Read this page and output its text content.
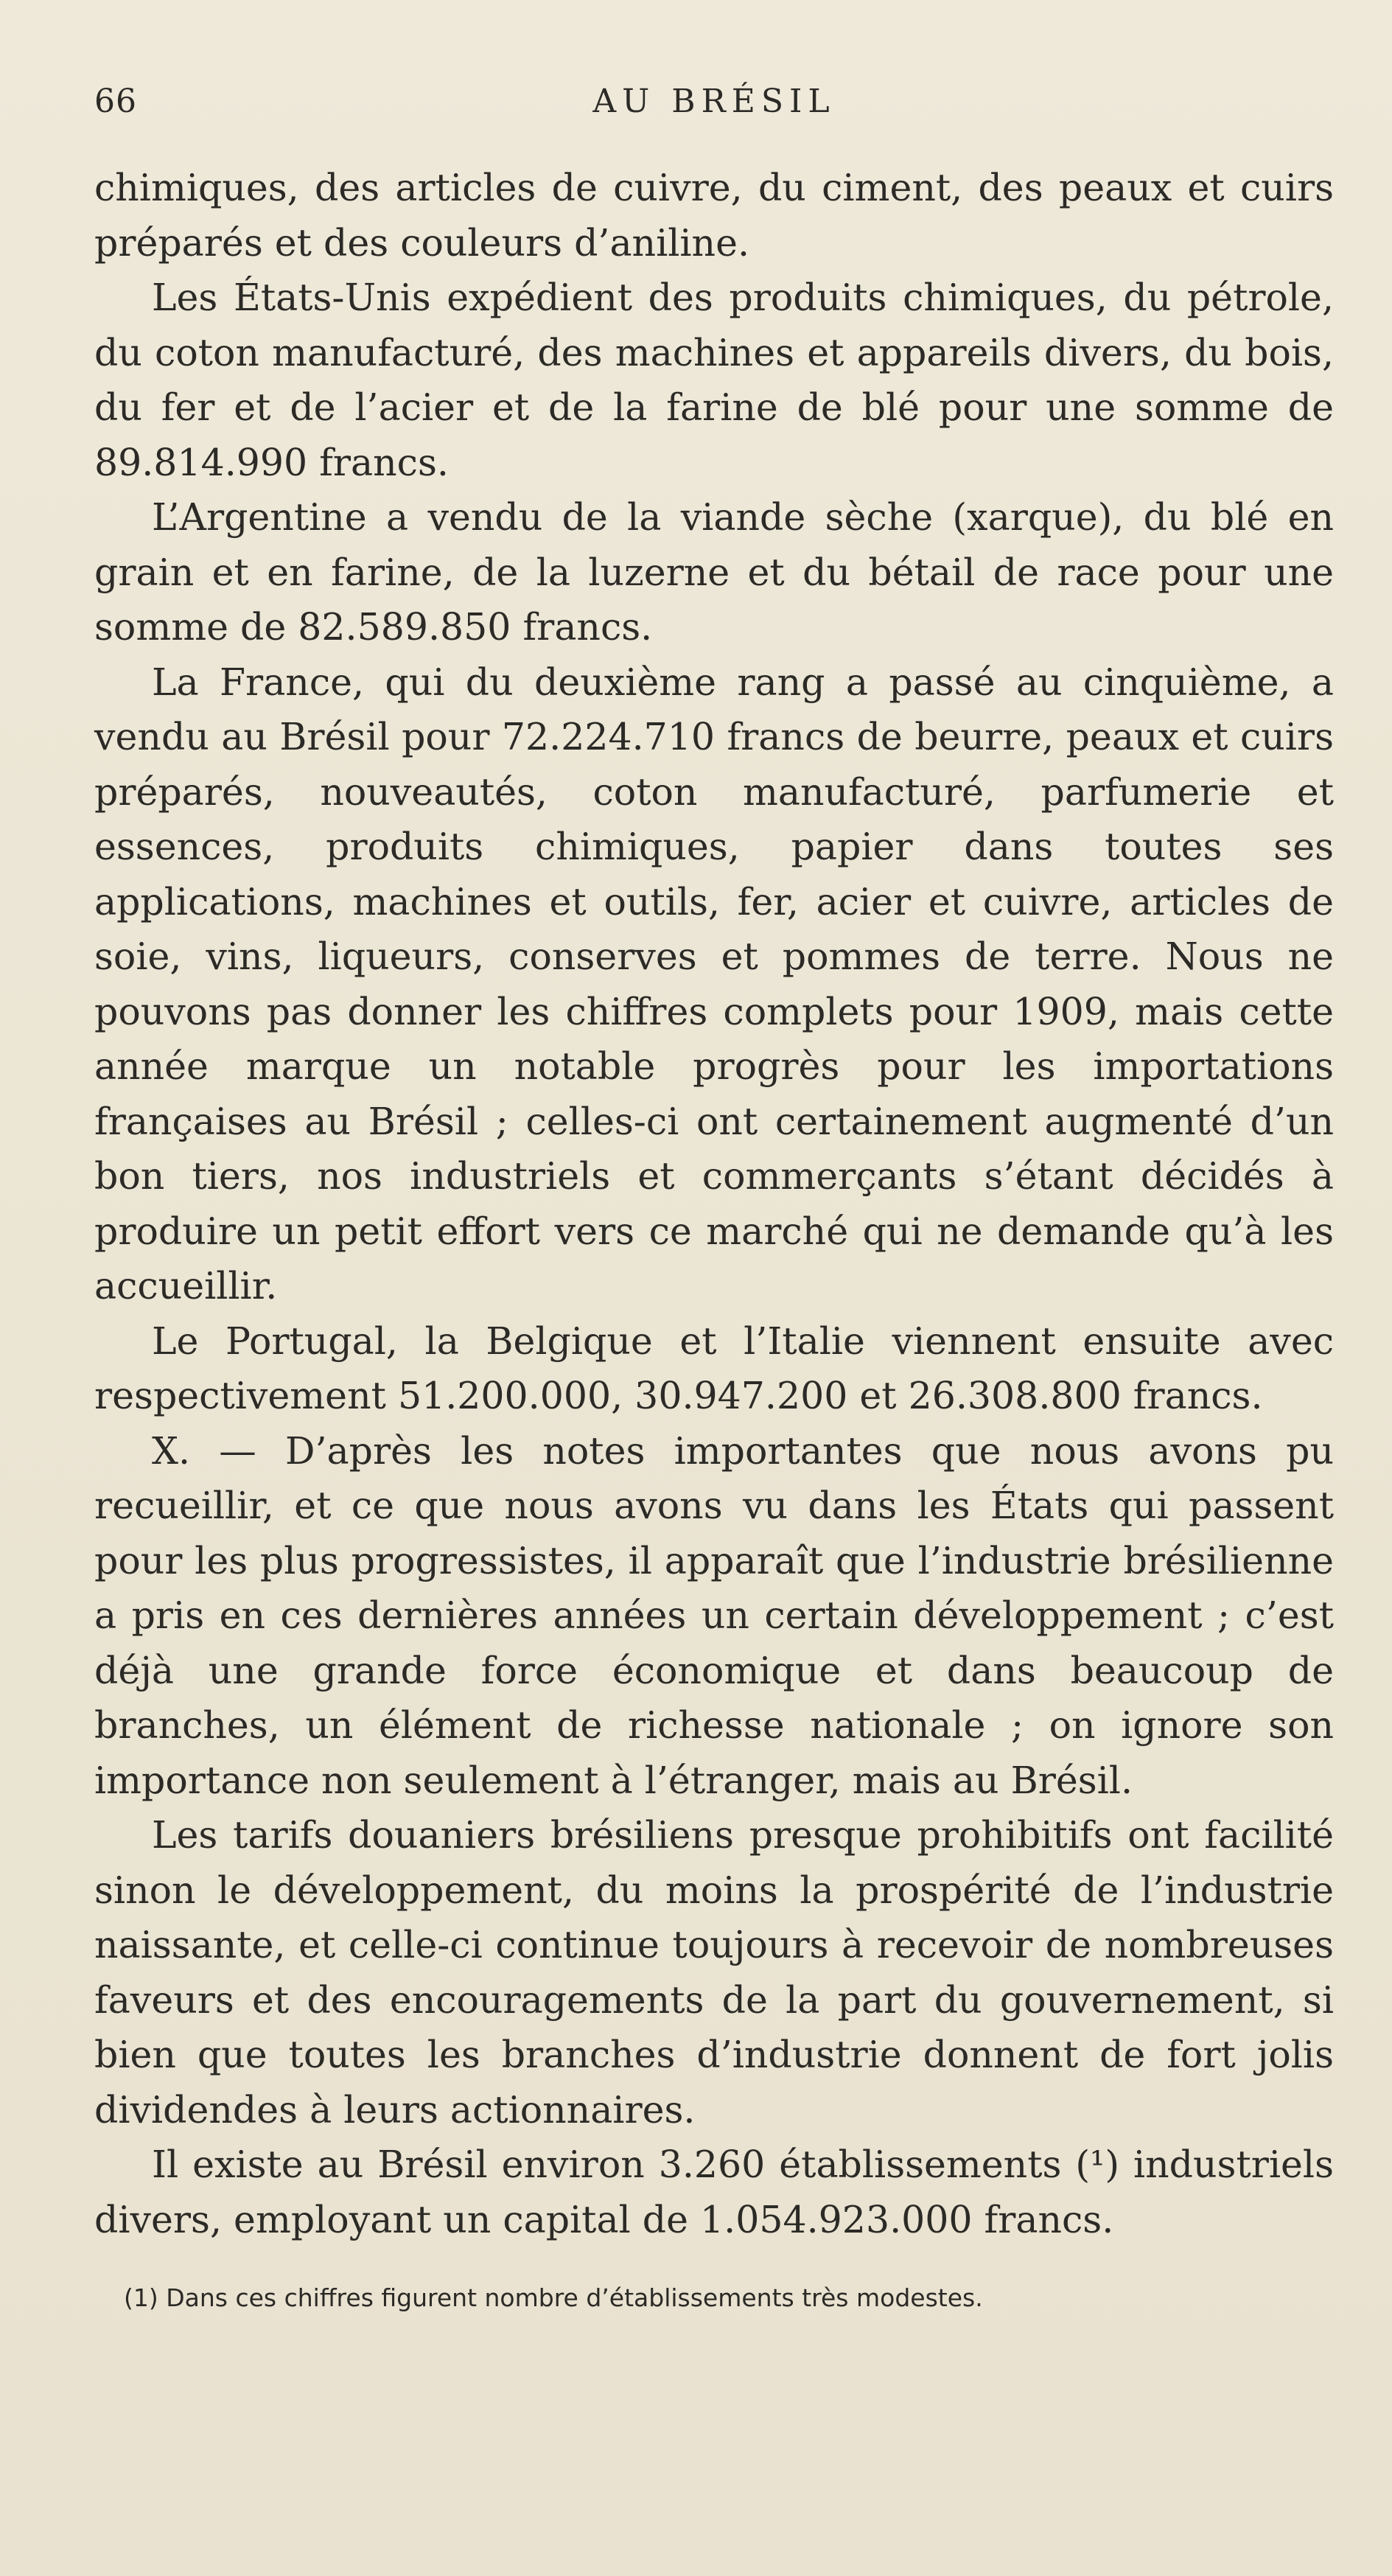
66	AU BRÉSIL

chimiques, des articles de cuivre, du ciment, des peaux et cuirs préparés et des couleurs d’aniline.

Les États-Unis expédient des produits chimiques, du pétrole, du coton manufacturé, des machines et appareils divers, du bois, du fer et de l’acier et de la farine de blé pour une somme de 89.814.990 francs.

L’Argentine a vendu de la viande sèche (xarque), du blé en grain et en farine, de la luzerne et du bétail de race pour une somme de 82.589.850 francs.

La France, qui du deuxième rang a passé au cinquième, a vendu au Brésil pour 72.224.710 francs de beurre, peaux et cuirs préparés, nouveautés, coton manufacturé, parfumerie et essences, produits chimiques, papier dans toutes ses applications, machines et outils, fer, acier et cuivre, articles de soie, vins, liqueurs, conserves et pommes de terre. Nous ne pouvons pas donner les chiffres complets pour 1909, mais cette année marque un notable progrès pour les importations françaises au Brésil ; celles-ci ont certainement augmenté d’un bon tiers, nos industriels et commerçants s’étant décidés à produire un petit effort vers ce marché qui ne demande qu’à les accueillir.

Le Portugal, la Belgique et l’Italie viennent ensuite avec respectivement 51.200.000, 30.947.200 et 26.308.800 francs.

X. — D’après les notes importantes que nous avons pu recueillir, et ce que nous avons vu dans les États qui passent pour les plus progressistes, il apparaît que l’industrie brésilienne a pris en ces dernières années un certain développement ; c’est déjà une grande force économique et dans beaucoup de branches, un élément de richesse nationale ; on ignore son importance non seulement à l’étranger, mais au Brésil.

Les tarifs douaniers brésiliens presque prohibitifs ont facilité sinon le développement, du moins la prospérité de l’industrie naissante, et celle-ci continue toujours à recevoir de nombreuses faveurs et des encouragements de la part du gouvernement, si bien que toutes les branches d’industrie donnent de fort jolis dividendes à leurs actionnaires.

Il existe au Brésil environ 3.260 établissements (¹) industriels divers, employant un capital de 1.054.923.000 francs.

(1) Dans ces chiffres figurent nombre d’établissements très modestes.
